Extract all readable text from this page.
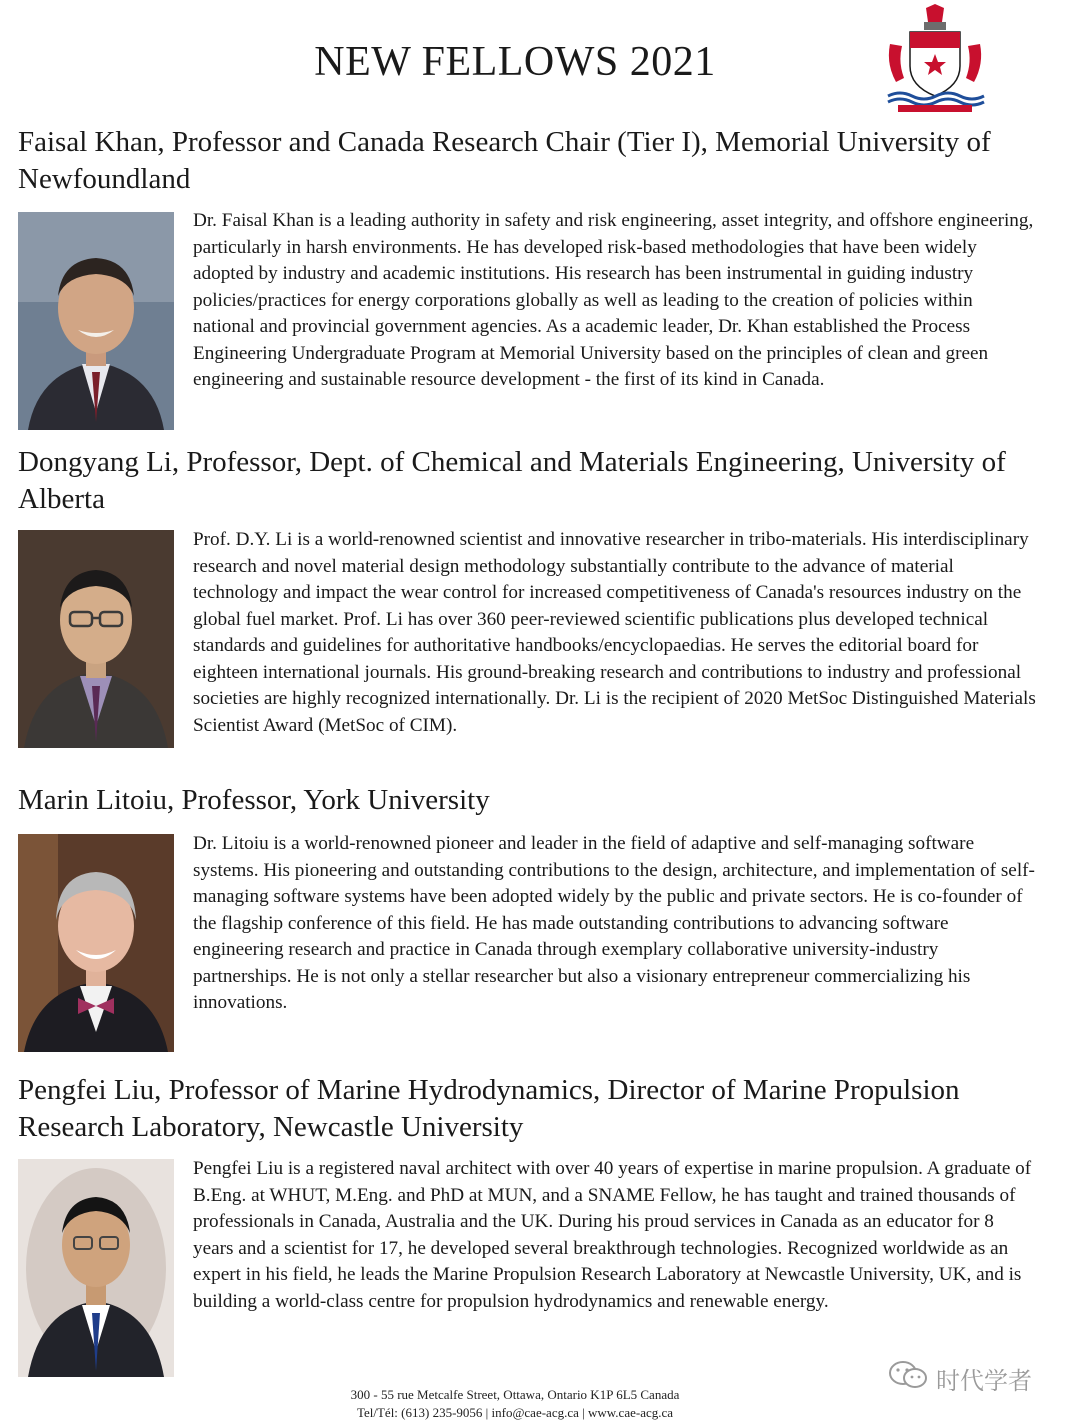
NEW FELLOWS 2021
Faisal Khan, Professor and Canada Research Chair (Tier I), Memorial University of Newfoundland

Dr. Faisal Khan is a leading authority in safety and risk engineering, asset integrity, and offshore engineering, particularly in harsh environments. He has developed risk-based methodologies that have been widely adopted by industry and academic institutions. His research has been instrumental in guiding industry policies/practices for energy corporations globally as well as leading to the creation of policies within national and provincial government agencies. As a academic leader, Dr. Khan established the Process Engineering Undergraduate Program at Memorial University based on the principles of clean and green engineering and sustainable resource development - the first of its kind in Canada.

Dongyang Li, Professor, Dept. of Chemical and Materials Engineering, University of Alberta

Prof. D.Y. Li is a world-renowned scientist and innovative researcher in tribo-materials. His interdisciplinary research and novel material design methodology substantially contribute to the advance of material technology and impact the wear control for increased competitiveness of Canada's resources industry on the global fuel market. Prof. Li has over 360 peer-reviewed scientific publications plus developed technical standards and guidelines for authoritative handbooks/encyclopaedias. He serves the editorial board for eighteen international journals. His ground-breaking research and contributions to industry and professional societies are highly recognized internationally. Dr. Li is the recipient of 2020 MetSoc Distinguished Materials Scientist Award (MetSoc of CIM).

Marin Litoiu, Professor, York University

Dr. Litoiu is a world-renowned pioneer and leader in the field of adaptive and self-managing software systems. His pioneering and outstanding contributions to the design, architecture, and implementation of self-managing software systems have been adopted widely by the public and private sectors. He is co-founder of the flagship conference of this field. He has made outstanding contributions to advancing software engineering research and practice in Canada through exemplary collaborative university-industry partnerships. He is not only a stellar researcher but also a visionary entrepreneur commercializing his innovations.

Pengfei Liu, Professor of Marine Hydrodynamics, Director of Marine Propulsion Research Laboratory, Newcastle University

Pengfei Liu is a registered naval architect with over 40 years of expertise in marine propulsion. A graduate of B.Eng. at WHUT, M.Eng. and PhD at MUN, and a SNAME Fellow, he has taught and trained thousands of professionals in Canada, Australia and the UK. During his proud services in Canada as an educator for 8 years and a scientist for 17, he developed several breakthrough technologies. Recognized worldwide as an expert in his field, he leads the Marine Propulsion Research Laboratory at Newcastle University, UK, and is building a world-class centre for propulsion hydrodynamics and renewable energy.

300 - 55 rue Metcalfe Street, Ottawa, Ontario K1P 6L5 Canada
Tel/Tél: (613) 235-9056 | info@cae-acg.ca | www.cae-acg.ca
时代学者
